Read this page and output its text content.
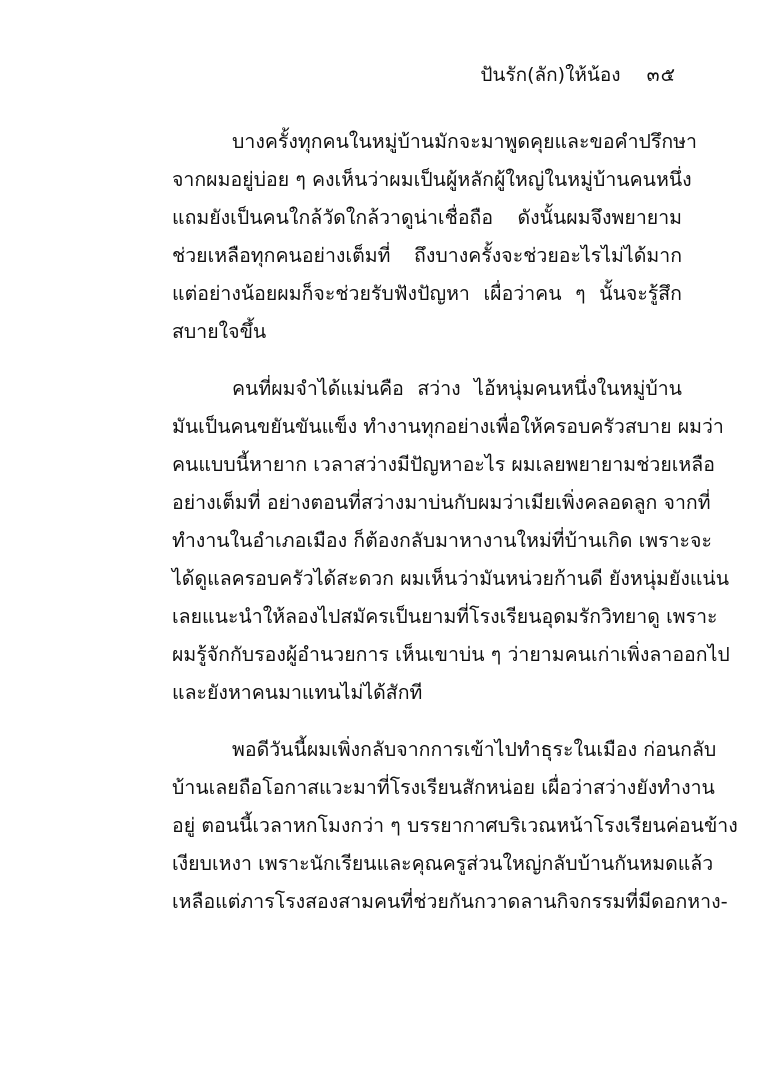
ปันรัก(ลัก)ให้น้อง ๓๕
บางครั้งทุกคนในหมู่บ้านมักจะมาพูดคุยและขอคำปรึกษา
จากผมอยู่บ่อย ๆ คงเห็นว่าผมเป็นผู้หลักผู้ใหญ่ในหมู่บ้านคนหนึ่ง
แถมยังเป็นคนใกล้วัดใกล้วาดูน่าเชื่อถือ ดังนั้นผมจึงพยายาม
ช่วยเหลือทุกคนอย่างเต็มที่ ถึงบางครั้งจะช่วยอะไรไม่ได้มาก
แต่อย่างน้อยผมก็จะช่วยรับฟังปัญหา เผื่อว่าคน ๆ นั้นจะรู้สึก
สบายใจขึ้น
คนที่ผมจำได้แม่นคือ สว่าง ไอ้หนุ่มคนหนึ่งในหมู่บ้าน
มันเป็นคนขยันขันแข็ง ทำงานทุกอย่างเพื่อให้ครอบครัวสบาย ผมว่า
คนแบบนี้หายาก เวลาสว่างมีปัญหาอะไร ผมเลยพยายามช่วยเหลือ
อย่างเต็มที่ อย่างตอนที่สว่างมาบ่นกับผมว่าเมียเพิ่งคลอดลูก จากที่
ทำงานในอำเภอเมือง ก็ต้องกลับมาหางานใหม่ที่บ้านเกิด เพราะจะ
ได้ดูแลครอบครัวได้สะดวก ผมเห็นว่ามันหน่วยก้านดี ยังหนุ่มยังแน่น
เลยแนะนำให้ลองไปสมัครเป็นยามที่โรงเรียนอุดมรักวิทยาดู เพราะ
ผมรู้จักกับรองผู้อำนวยการ เห็นเขาบ่น ๆ ว่ายามคนเก่าเพิ่งลาออกไป
และยังหาคนมาแทนไม่ได้สักที
พอดีวันนี้ผมเพิ่งกลับจากการเข้าไปทำธุระในเมือง ก่อนกลับ
บ้านเลยถือโอกาสแวะมาที่โรงเรียนสักหน่อย เผื่อว่าสว่างยังทำงาน
อยู่ ตอนนี้เวลาหกโมงกว่า ๆ บรรยากาศบริเวณหน้าโรงเรียนค่อนข้าง
เงียบเหงา เพราะนักเรียนและคุณครูส่วนใหญ่กลับบ้านกันหมดแล้ว
เหลือแต่ภารโรงสองสามคนที่ช่วยกันกวาดลานกิจกรรมที่มีดอกหาง-
